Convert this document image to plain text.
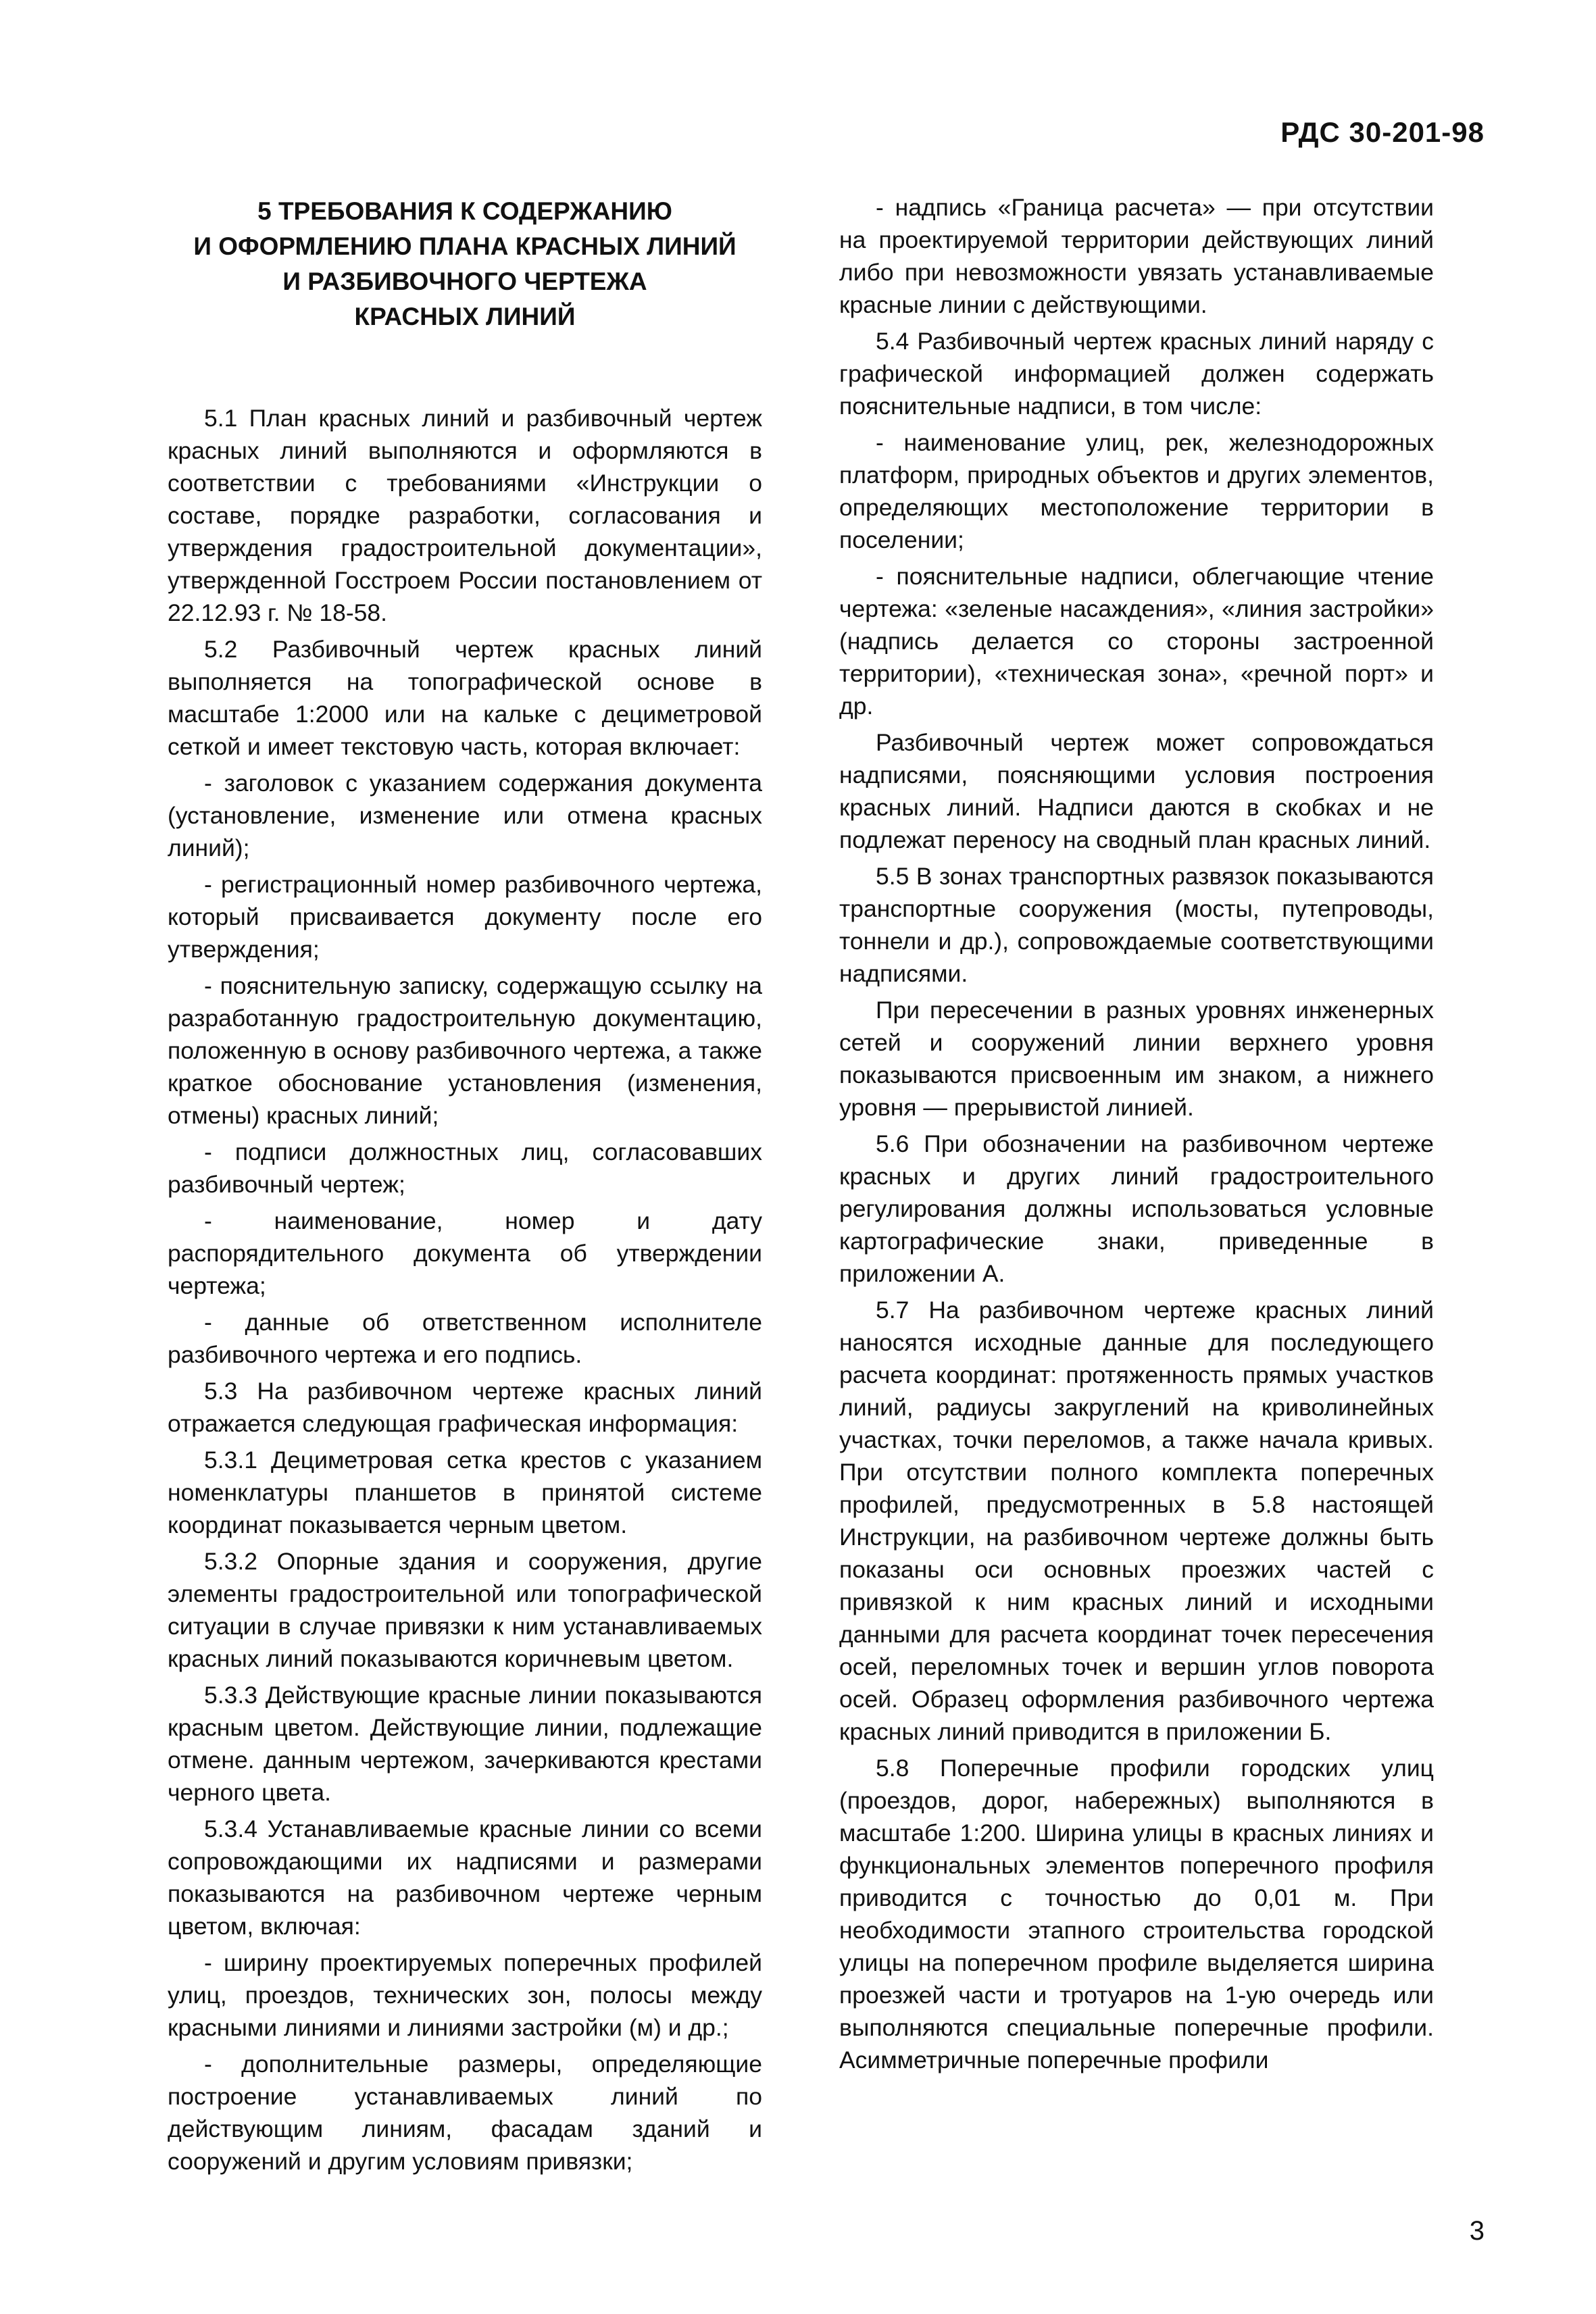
РДС 30-201-98
5 ТРЕБОВАНИЯ К СОДЕРЖАНИЮ
И ОФОРМЛЕНИЮ ПЛАНА КРАСНЫХ ЛИНИЙ
И РАЗБИВОЧНОГО ЧЕРТЕЖА
КРАСНЫХ ЛИНИЙ

5.1 План красных линий и разбивочный чертеж красных линий выполняются и оформляются в соответствии с требованиями «Инструкции о составе, порядке разработки, согласования и утверждения градостроительной документации», утвержденной Госстроем России постановлением от 22.12.93 г. № 18-58.

5.2 Разбивочный чертеж красных линий выполняется на топографической основе в масштабе 1:2000 или на кальке с дециметровой сеткой и имеет текстовую часть, которая включает:

- заголовок с указанием содержания документа (установление, изменение или отмена красных линий);

- регистрационный номер разбивочного чертежа, который присваивается документу после его утверждения;

- пояснительную записку, содержащую ссылку на разработанную градостроительную документацию, положенную в основу разбивочного чертежа, а также краткое обоснование установления (изменения, отмены) красных линий;

- подписи должностных лиц, согласовавших разбивочный чертеж;

- наименование, номер и дату распорядительного документа об утверждении чертежа;

- данные об ответственном исполнителе разбивочного чертежа и его подпись.

5.3 На разбивочном чертеже красных линий отражается следующая графическая информация:

5.3.1 Дециметровая сетка крестов с указанием номенклатуры планшетов в принятой системе координат показывается черным цветом.

5.3.2 Опорные здания и сооружения, другие элементы градостроительной или топографической ситуации в случае привязки к ним устанавливаемых красных линий показываются коричневым цветом.

5.3.3 Действующие красные линии показываются красным цветом. Действующие линии, подлежащие отмене. данным чертежом, зачеркиваются крестами черного цвета.

5.3.4 Устанавливаемые красные линии со всеми сопровождающими их надписями и размерами показываются на разбивочном чертеже черным цветом, включая:

- ширину проектируемых поперечных профилей улиц, проездов, технических зон, полосы между красными линиями и линиями застройки (м) и др.;

- дополнительные размеры, определяющие построение устанавливаемых линий по действующим линиям, фасадам зданий и сооружений и другим условиям привязки;

- надпись «Граница расчета» — при отсутствии на проектируемой территории действующих линий либо при невозможности увязать устанавливаемые красные линии с действующими.

5.4 Разбивочный чертеж красных линий наряду с графической информацией должен содержать пояснительные надписи, в том числе:

- наименование улиц, рек, железнодорожных платформ, природных объектов и других элементов, определяющих местоположение территории в поселении;

- пояснительные надписи, облегчающие чтение чертежа: «зеленые насаждения», «линия застройки» (надпись делается со стороны застроенной территории), «техническая зона», «речной порт» и др.

Разбивочный чертеж может сопровождаться надписями, поясняющими условия построения красных линий. Надписи даются в скобках и не подлежат переносу на сводный план красных линий.

5.5 В зонах транспортных развязок показываются транспортные сооружения (мосты, путепроводы, тоннели и др.), сопровождаемые соответствующими надписями.

При пересечении в разных уровнях инженерных сетей и сооружений линии верхнего уровня показываются присвоенным им знаком, а нижнего уровня — прерывистой линией.

5.6 При обозначении на разбивочном чертеже красных и других линий градостроительного регулирования должны использоваться условные картографические знаки, приведенные в приложении А.

5.7 На разбивочном чертеже красных линий наносятся исходные данные для последующего расчета координат: протяженность прямых участков линий, радиусы закруглений на криволинейных участках, точки переломов, а также начала кривых. При отсутствии полного комплекта поперечных профилей, предусмотренных в 5.8 настоящей Инструкции, на разбивочном чертеже должны быть показаны оси основных проезжих частей с привязкой к ним красных линий и исходными данными для расчета координат точек пересечения осей, переломных точек и вершин углов поворота осей. Образец оформления разбивочного чертежа красных линий приводится в приложении Б.

5.8 Поперечные профили городских улиц (проездов, дорог, набережных) выполняются в масштабе 1:200. Ширина улицы в красных линиях и функциональных элементов поперечного профиля приводится с точностью до 0,01 м. При необходимости этапного строительства городской улицы на поперечном профиле выделяется ширина проезжей части и тротуаров на 1-ую очередь или выполняются специальные поперечные профили. Асимметричные поперечные профили

3
